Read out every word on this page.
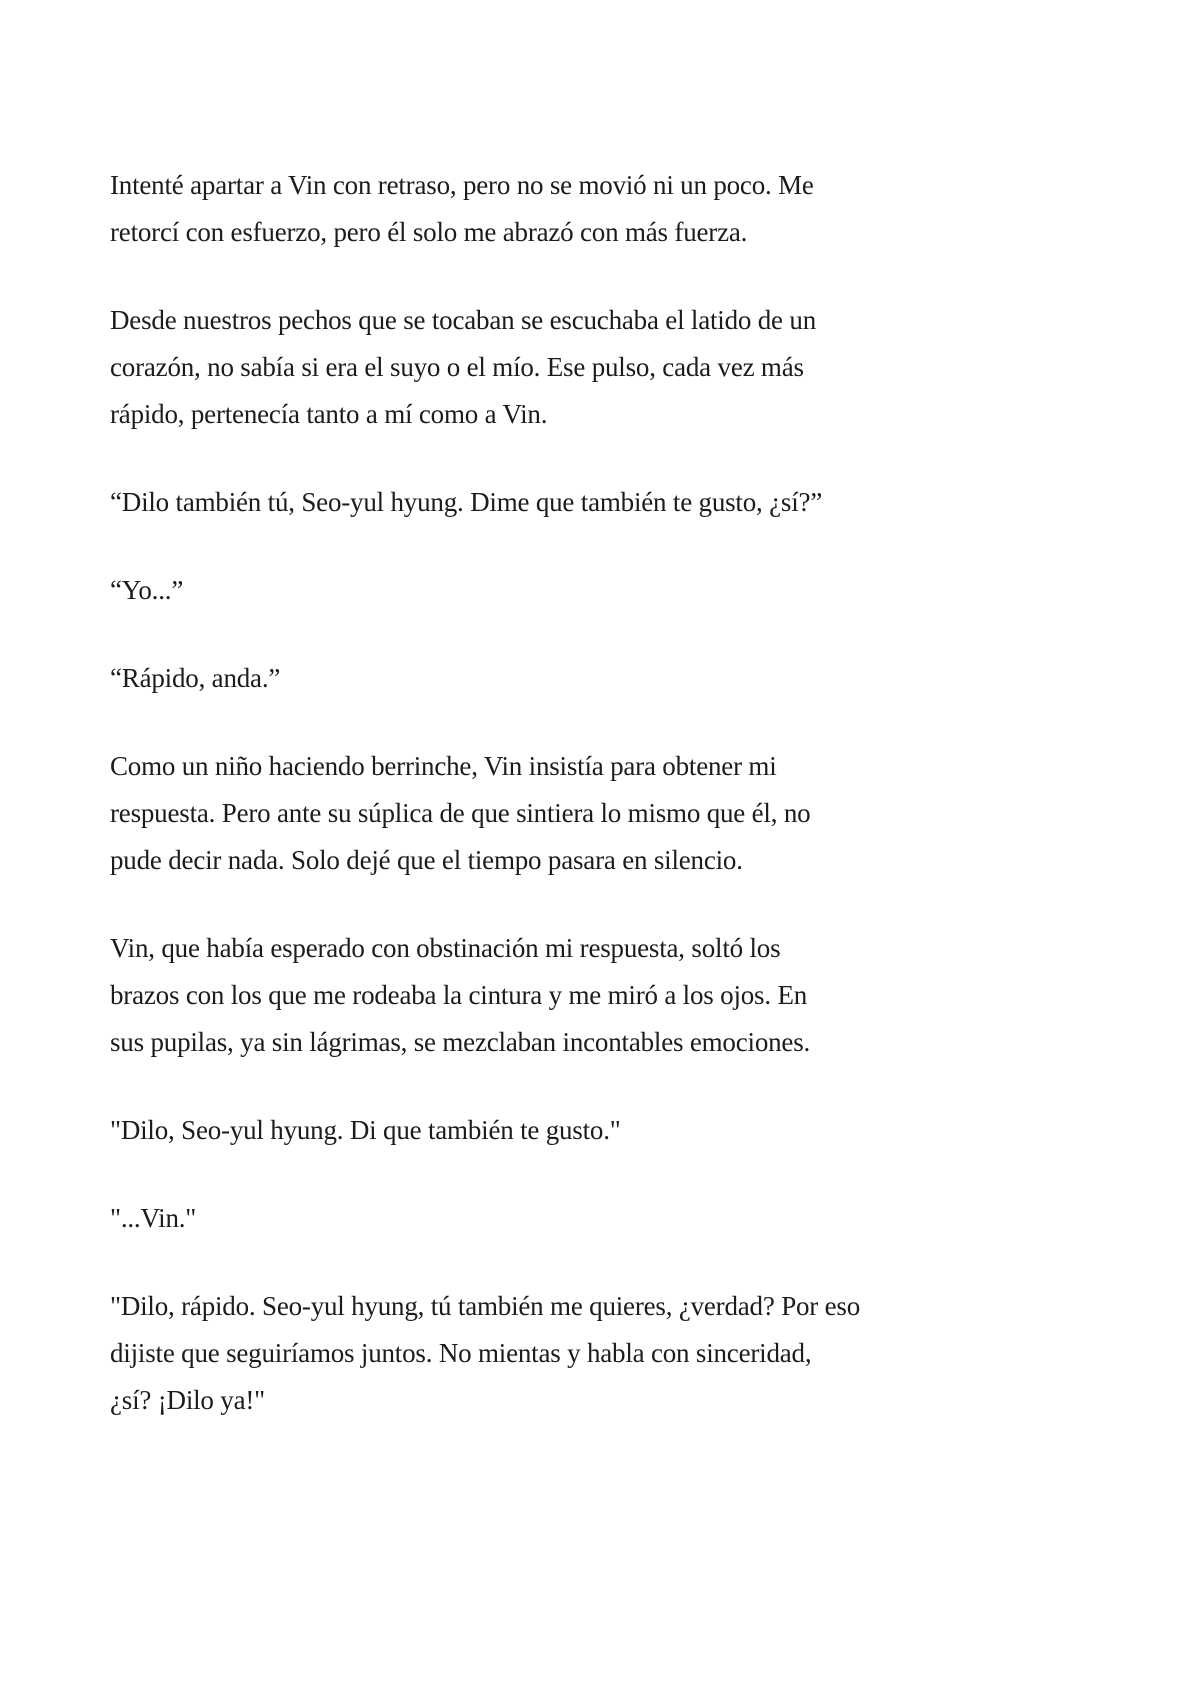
Intenté apartar a Vin con retraso, pero no se movió ni un poco. Me
retorcí con esfuerzo, pero él solo me abrazó con más fuerza.

Desde nuestros pechos que se tocaban se escuchaba el latido de un
corazón, no sabía si era el suyo o el mío. Ese pulso, cada vez más
rápido, pertenecía tanto a mí como a Vin.

“Dilo también tú, Seo-yul hyung. Dime que también te gusto, ¿sí?”

“Yo...”

“Rápido, anda.”

Como un niño haciendo berrinche, Vin insistía para obtener mi
respuesta. Pero ante su súplica de que sintiera lo mismo que él, no
pude decir nada. Solo dejé que el tiempo pasara en silencio.

Vin, que había esperado con obstinación mi respuesta, soltó los
brazos con los que me rodeaba la cintura y me miró a los ojos. En
sus pupilas, ya sin lágrimas, se mezclaban incontables emociones.

"Dilo, Seo-yul hyung. Di que también te gusto."

"...Vin."

"Dilo, rápido. Seo-yul hyung, tú también me quieres, ¿verdad? Por eso
dijiste que seguiríamos juntos. No mientas y habla con sinceridad,
¿sí? ¡Dilo ya!"
